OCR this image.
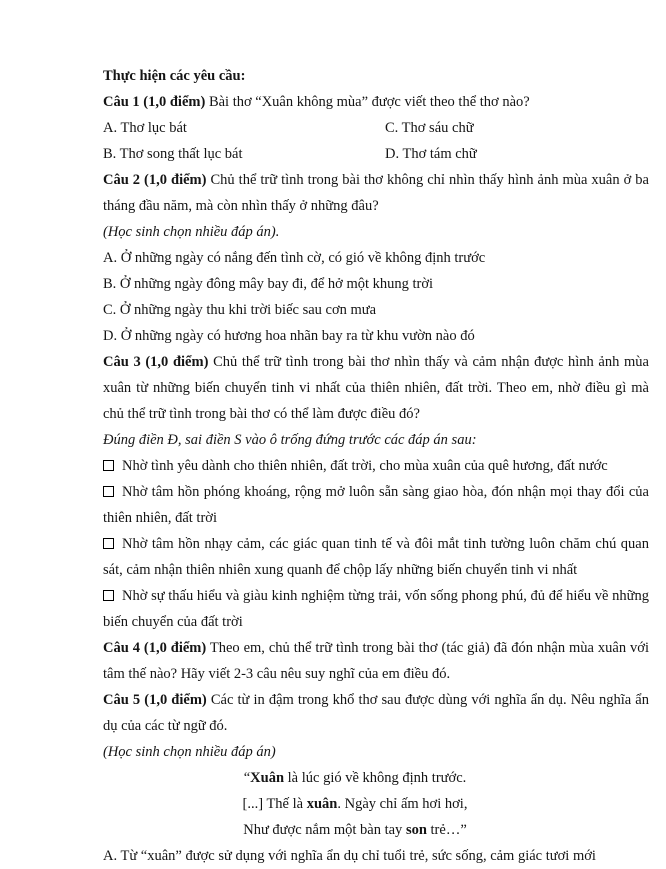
Thực hiện các yêu cầu:

Câu 1 (1,0 điểm) Bài thơ “Xuân không mùa” được viết theo thể thơ nào?

A. Thơ lục bát	C. Thơ sáu chữ
B. Thơ song thất lục bát	D. Thơ tám chữ

Câu 2 (1,0 điểm) Chủ thể trữ tình trong bài thơ không chỉ nhìn thấy hình ảnh mùa xuân ở ba tháng đầu năm, mà còn nhìn thấy ở những đâu?

(Học sinh chọn nhiều đáp án).

A. Ở những ngày có nắng đến tình cờ, có gió về không định trước

B. Ở những ngày đông mây bay đi, để hở một khung trời

C. Ở những ngày thu khi trời biếc sau cơn mưa

D. Ở những ngày có hương hoa nhãn bay ra từ khu vườn nào đó

Câu 3 (1,0 điểm) Chủ thể trữ tình trong bài thơ nhìn thấy và cảm nhận được hình ảnh mùa xuân từ những biến chuyển tinh vi nhất của thiên nhiên, đất trời. Theo em, nhờ điều gì mà chủ thể trữ tình trong bài thơ có thể làm được điều đó?

Đúng điền Đ, sai điền S vào ô trống đứng trước các đáp án sau:

Nhờ tình yêu dành cho thiên nhiên, đất trời, cho mùa xuân của quê hương, đất nước

Nhờ tâm hồn phóng khoáng, rộng mở luôn sẵn sàng giao hòa, đón nhận mọi thay đổi của thiên nhiên, đất trời

Nhờ tâm hồn nhạy cảm, các giác quan tinh tế và đôi mắt tinh tường luôn chăm chú quan sát, cảm nhận thiên nhiên xung quanh để chộp lấy những biến chuyển tinh vi nhất

Nhờ sự thấu hiểu và giàu kinh nghiệm từng trải, vốn sống phong phú, đủ để hiểu về những biến chuyển của đất trời

Câu 4 (1,0 điểm) Theo em, chủ thể trữ tình trong bài thơ (tác giả) đã đón nhận mùa xuân với tâm thế nào? Hãy viết 2-3 câu nêu suy nghĩ của em điều đó.

Câu 5 (1,0 điểm) Các từ in đậm trong khổ thơ sau được dùng với nghĩa ẩn dụ. Nêu nghĩa ẩn dụ của các từ ngữ đó.

(Học sinh chọn nhiều đáp án)

“Xuân là lúc gió về không định trước.

[...] Thế là xuân. Ngày chỉ ấm hơi hơi,

Như được nắm một bàn tay son trẻ…”

A. Từ “xuân” được sử dụng với nghĩa ẩn dụ chỉ tuổi trẻ, sức sống, cảm giác tươi mới
